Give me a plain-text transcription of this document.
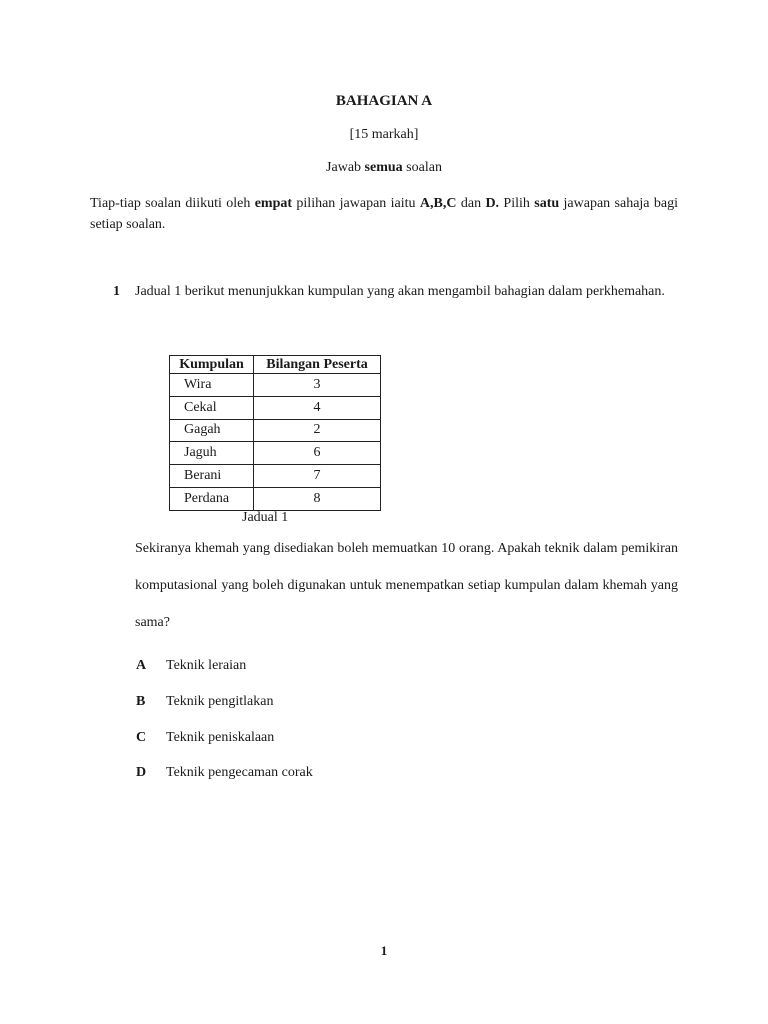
BAHAGIAN A
[15 markah]
Jawab semua soalan
Tiap-tiap soalan diikuti oleh empat pilihan jawapan iaitu A,B,C dan D. Pilih satu jawapan sahaja bagi setiap soalan.
1 Jadual 1 berikut menunjukkan kumpulan yang akan mengambil bahagian dalam perkhemahan.
Kumpulan	Bilangan Peserta
Wira	3
Cekal	4
Gagah	2
Jaguh	6
Berani	7
Perdana	8
Jadual 1
Sekiranya khemah yang disediakan boleh memuatkan 10 orang. Apakah teknik dalam pemikiran komputasional yang boleh digunakan untuk menempatkan setiap kumpulan dalam khemah yang sama?
A Teknik leraian
B Teknik pengitlakan
C Teknik peniskalaan
D Teknik pengecaman corak
1
